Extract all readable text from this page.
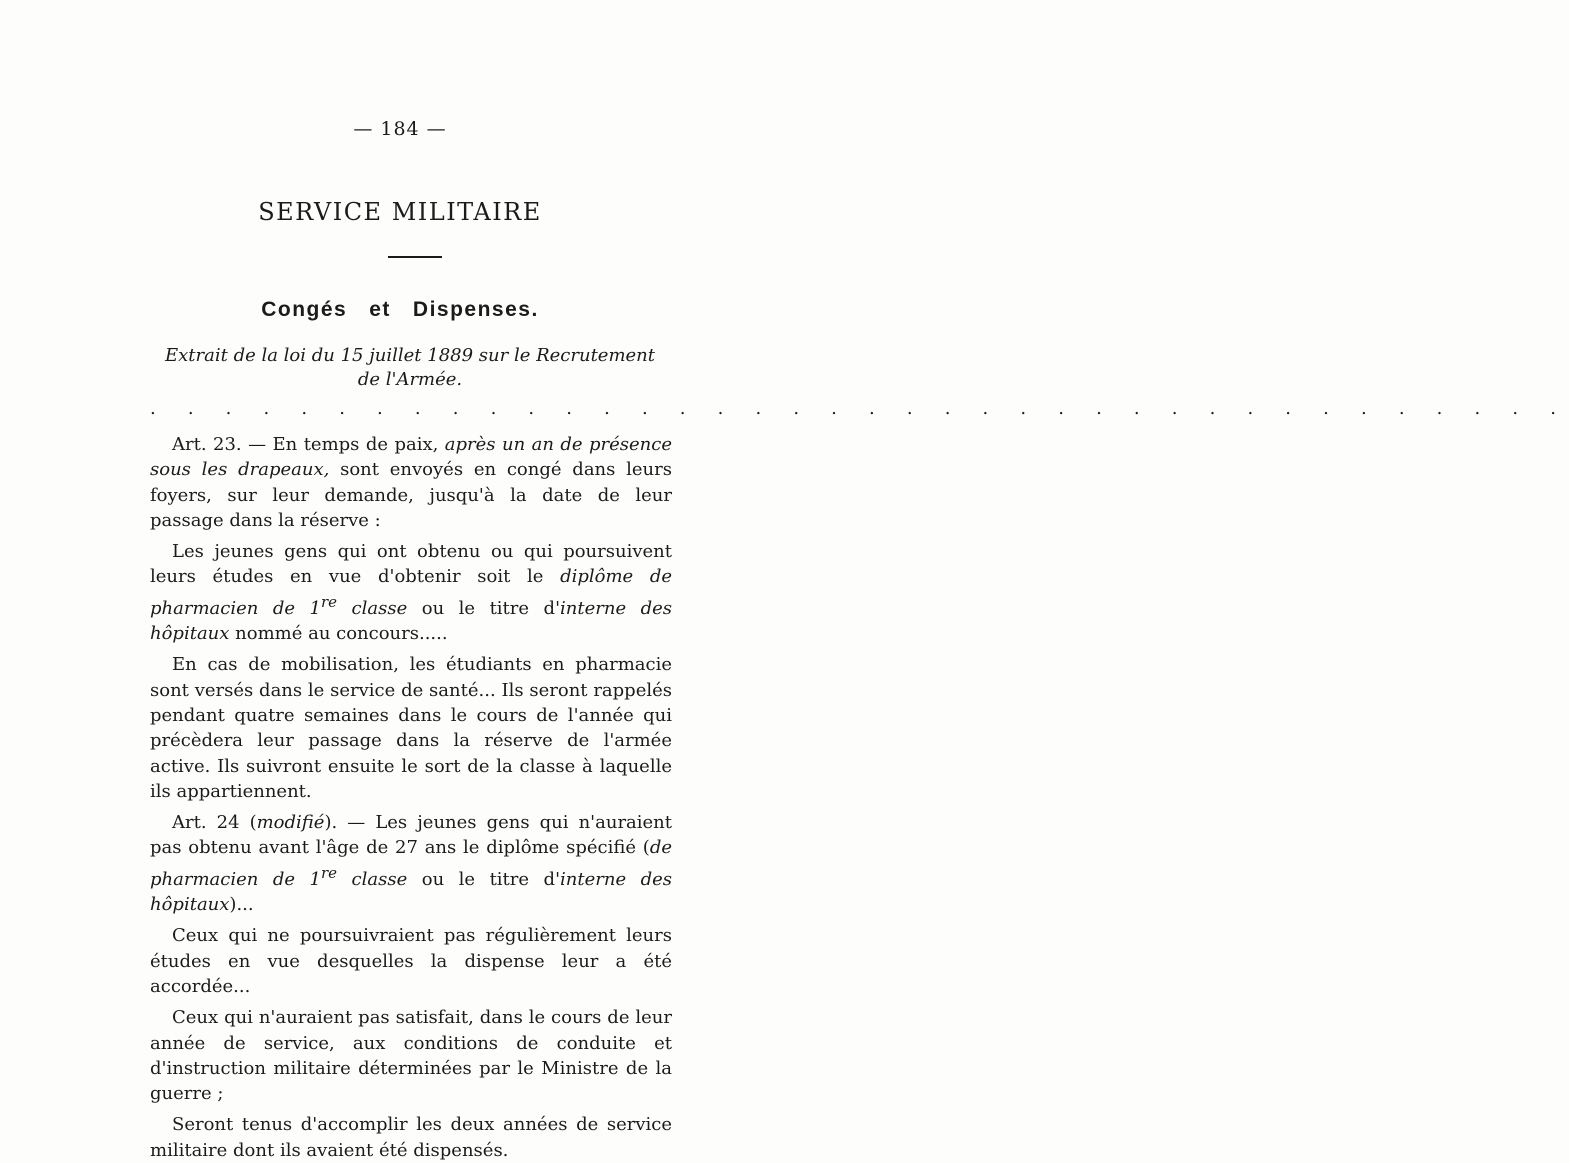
— 184 —
SERVICE MILITAIRE
Congés et Dispenses.

Extrait de la loi du 15 juillet 1889 sur le Recrutement
de l'Armée.

. . . . . . . . . . . . . . . . . . . . . . . . . . . . . . . . . . . . . .

Art. 23. — En temps de paix, après un an de présence sous les drapeaux, sont envoyés en congé dans leurs foyers, sur leur demande, jusqu'à la date de leur passage dans la réserve :

Les jeunes gens qui ont obtenu ou qui poursuivent leurs études en vue d'obtenir soit le diplôme de pharmacien de 1re classe ou le titre d'interne des hôpitaux nommé au concours.....

En cas de mobilisation, les étudiants en pharmacie sont versés dans le service de santé... Ils seront rappelés pendant quatre semaines dans le cours de l'année qui précèdera leur passage dans la réserve de l'armée active. Ils suivront ensuite le sort de la classe à laquelle ils appartiennent.

Art. 24 (modifié). — Les jeunes gens qui n'auraient pas obtenu avant l'âge de 27 ans le diplôme spécifié (de pharmacien de 1re classe ou le titre d'interne des hôpitaux)...

Ceux qui ne poursuivraient pas régulièrement leurs études en vue desquelles la dispense leur a été accordée...

Ceux qui n'auraient pas satisfait, dans le cours de leur année de service, aux conditions de conduite et d'instruction militaire déterminées par le Ministre de la guerre ;

Seront tenus d'accomplir les deux années de service militaire dont ils avaient été dispensés.
